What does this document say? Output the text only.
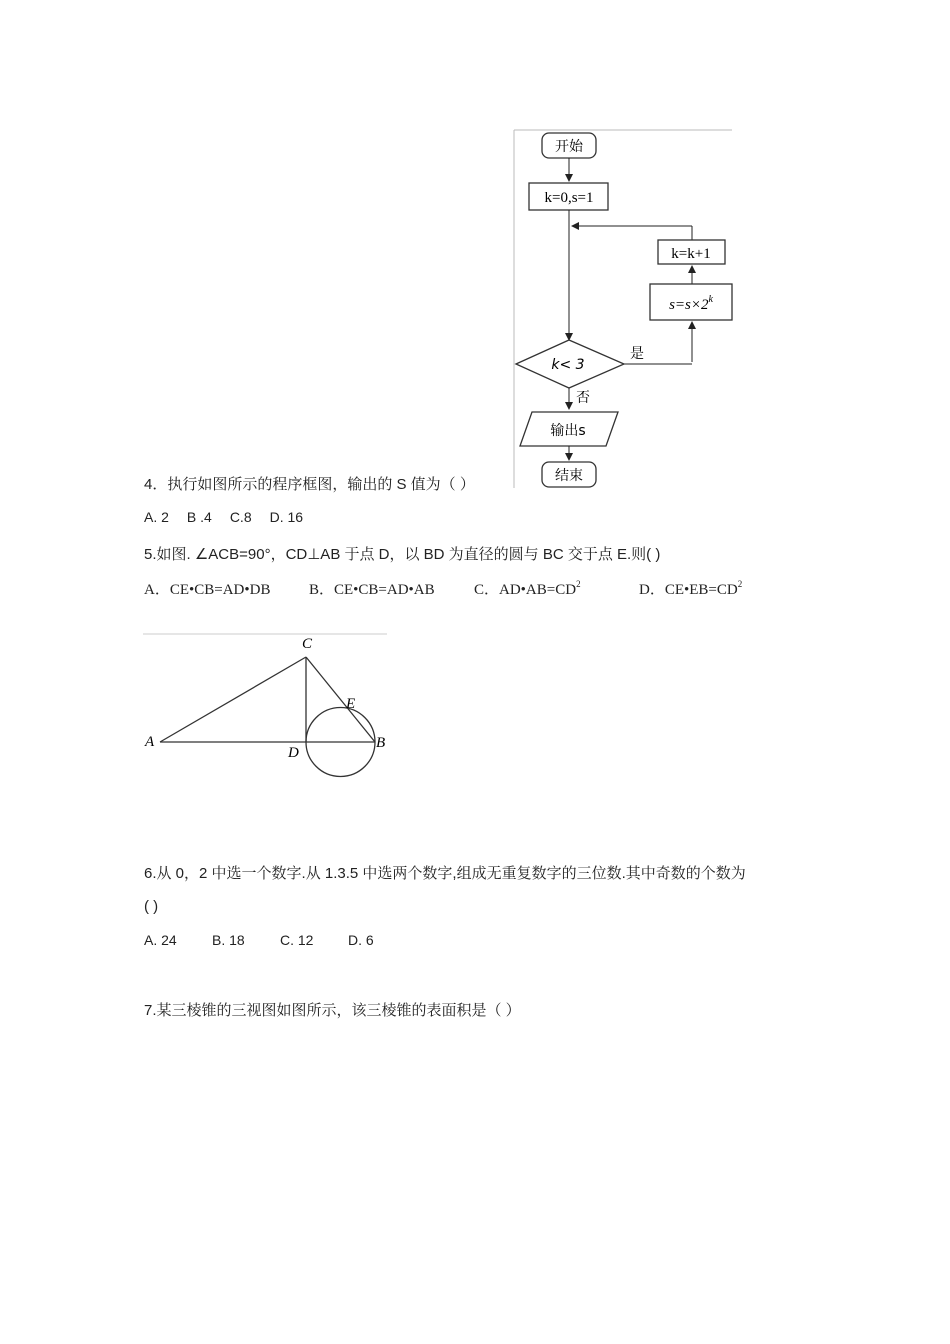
开始
k=0,s=1
k=k+1
$s=s\times 2^k$
k< 3
是
否
输出s
结束
4．执行如图所示的程序框图，输出的 S 值为（ ）
A. 2 B .4 C.8 D. 16
5.如图. ∠ACB=90°，CD⊥AB 于点 D，以 BD 为直径的圆与 BC 交于点 E.则( )
A．CE•CB=AD•DB	B．CE•CB=AD•AB	C．$AD•AB=CD^2$	D．$CE•EB=CD^2$
A	B
C
D
E
6.从 0，2 中选一个数字.从 1.3.5 中选两个数字,组成无重复数字的三位数.其中奇数的个数为
( )
A. 24	B. 18	C. 12 D. 6
7.某三棱锥的三视图如图所示，该三棱锥的表面积是（ ）
